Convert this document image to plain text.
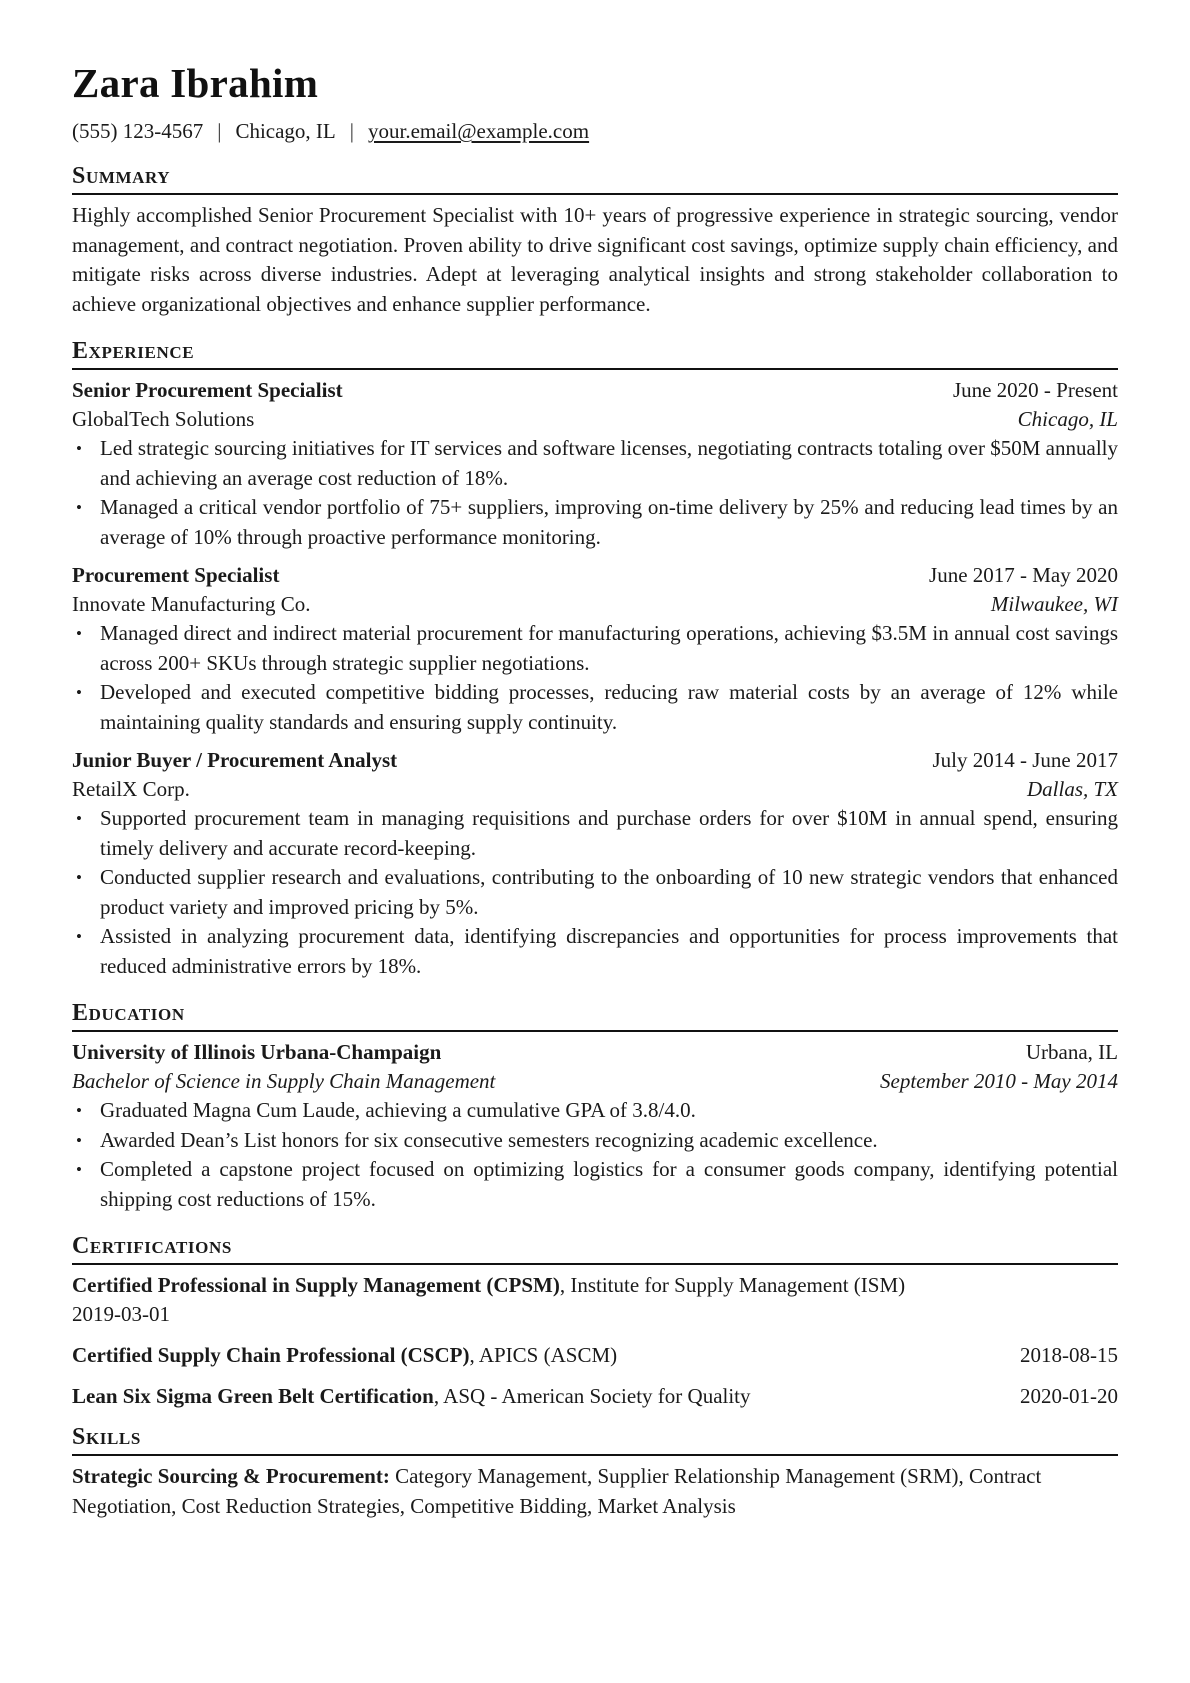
Zara Ibrahim
(555) 123-4567 | Chicago, IL | your.email@example.com
Summary

Highly accomplished Senior Procurement Specialist with 10+ years of progressive experience in strategic sourcing, vendor management, and contract negotiation. Proven ability to drive significant cost savings, optimize supply chain efficiency, and mitigate risks across diverse industries. Adept at leveraging analytical insights and strong stakeholder collaboration to achieve organizational objectives and enhance supplier performance.

Experience
Senior Procurement Specialist	June 2020 - Present
GlobalTech Solutions	Chicago, IL
• Led strategic sourcing initiatives for IT services and software licenses, negotiating contracts totaling over $50M annually and achieving an average cost reduction of 18%.
• Managed a critical vendor portfolio of 75+ suppliers, improving on-time delivery by 25% and reducing lead times by an average of 10% through proactive performance monitoring.
Procurement Specialist	June 2017 - May 2020
Innovate Manufacturing Co.	Milwaukee, WI
• Managed direct and indirect material procurement for manufacturing operations, achieving $3.5M in annual cost savings across 200+ SKUs through strategic supplier negotiations.
• Developed and executed competitive bidding processes, reducing raw material costs by an average of 12% while maintaining quality standards and ensuring supply continuity.
Junior Buyer / Procurement Analyst	July 2014 - June 2017
RetailX Corp.	Dallas, TX
• Supported procurement team in managing requisitions and purchase orders for over $10M in annual spend, ensuring timely delivery and accurate record-keeping.
• Conducted supplier research and evaluations, contributing to the onboarding of 10 new strategic vendors that enhanced product variety and improved pricing by 5%.
• Assisted in analyzing procurement data, identifying discrepancies and opportunities for process improvements that reduced administrative errors by 18%.
Education
University of Illinois Urbana-Champaign	Urbana, IL
Bachelor of Science in Supply Chain Management	September 2010 - May 2014
• Graduated Magna Cum Laude, achieving a cumulative GPA of 3.8/4.0.
• Awarded Dean’s List honors for six consecutive semesters recognizing academic excellence.
• Completed a capstone project focused on optimizing logistics for a consumer goods company, identifying potential shipping cost reductions of 15%.
Certifications
Certified Professional in Supply Management (CPSM), Institute for Supply Management (ISM)
2019-03-01
Certified Supply Chain Professional (CSCP), APICS (ASCM)	2018-08-15
Lean Six Sigma Green Belt Certification, ASQ - American Society for Quality	2020-01-20
Skills

Strategic Sourcing & Procurement: Category Management, Supplier Relationship Management (SRM), Contract Negotiation, Cost Reduction Strategies, Competitive Bidding, Market Analysis
